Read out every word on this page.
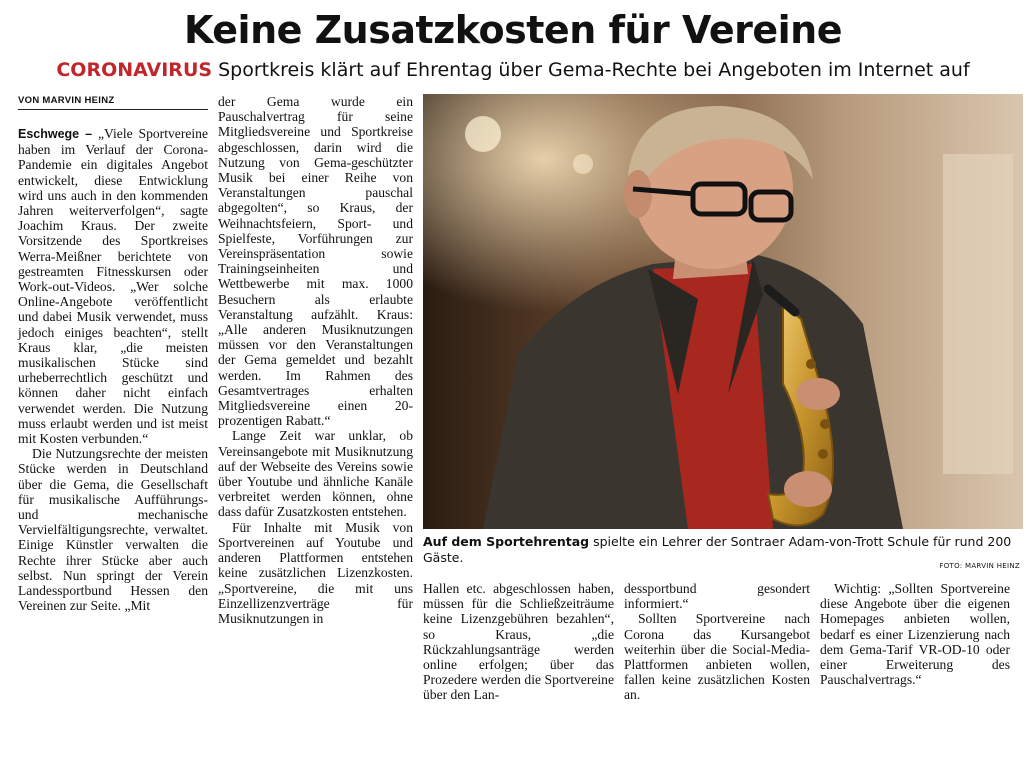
Keine Zusatzkosten für Vereine
CORONAVIRUS Sportkreis klärt auf Ehrentag über Gema-Rechte bei Angeboten im Internet auf
VON MARVIN HEINZ

Eschwege – „Viele Sportvereine haben im Verlauf der Corona-Pandemie ein digitales Angebot entwickelt, diese Entwicklung wird uns auch in den kommenden Jahren weiterverfolgen“, sagte Joachim Kraus. Der zweite Vorsitzende des Sportkreises Werra-Meißner berichtete von gestreamten Fitnesskursen oder Work-out-Videos. „Wer solche Online-Angebote veröffentlicht und dabei Musik verwendet, muss jedoch einiges beachten“, stellt Kraus klar, „die meisten musikalischen Stücke sind urheberrechtlich geschützt und können daher nicht einfach verwendet werden. Die Nutzung muss erlaubt werden und ist meist mit Kosten verbunden.“

Die Nutzungsrechte der meisten Stücke werden in Deutschland über die Gema, die Gesellschaft für musikalische Aufführungs- und mechanische Vervielfältigungsrechte, verwaltet. Einige Künstler verwalten die Rechte ihrer Stücke aber auch selbst. Nun springt der Verein Landessportbund Hessen den Vereinen zur Seite. „Mit

der Gema wurde ein Pauschalvertrag für seine Mitgliedsvereine und Sportkreise abgeschlossen, darin wird die Nutzung von Gema-geschützter Musik bei einer Reihe von Veranstaltungen pauschal abgegolten“, so Kraus, der Weihnachtsfeiern, Sport- und Spielfeste, Vorführungen zur Vereinspräsentation sowie Trainingseinheiten und Wettbewerbe mit max. 1000 Besuchern als erlaubte Veranstaltung aufzählt. Kraus: „Alle anderen Musiknutzungen müssen vor den Veranstaltungen der Gema gemeldet und bezahlt werden. Im Rahmen des Gesamtvertrages erhalten Mitgliedsvereine einen 20-prozentigen Rabatt.“

Lange Zeit war unklar, ob Vereinsangebote mit Musiknutzung auf der Webseite des Vereins sowie über Youtube und ähnliche Kanäle verbreitet werden können, ohne dass dafür Zusatzkosten entstehen.

Für Inhalte mit Musik von Sportvereinen auf Youtube und anderen Plattformen entstehen keine zusätzlichen Lizenzkosten. „Sportvereine, die mit uns Einzellizenzverträge für Musiknutzungen in

Auf dem Sportehrentag spielte ein Lehrer der Sontraer Adam-von-Trott Schule für rund 200 Gäste.
FOTO: MARVIN HEINZ

Hallen etc. abgeschlossen haben, müssen für die Schließzeiträume keine Lizenzgebühren bezahlen“, so Kraus, „die Rückzahlungsanträge werden online erfolgen; über das Prozedere werden die Sportvereine über den Lan-

dessportbund gesondert informiert.“

Sollten Sportvereine nach Corona das Kursangebot weiterhin über die Social-Media-Plattformen anbieten wollen, fallen keine zusätzlichen Kosten an.

Wichtig: „Sollten Sportvereine diese Angebote über die eigenen Homepages anbieten wollen, bedarf es einer Lizenzierung nach dem Gema-Tarif VR-OD-10 oder einer Erweiterung des Pauschalvertrags.“
